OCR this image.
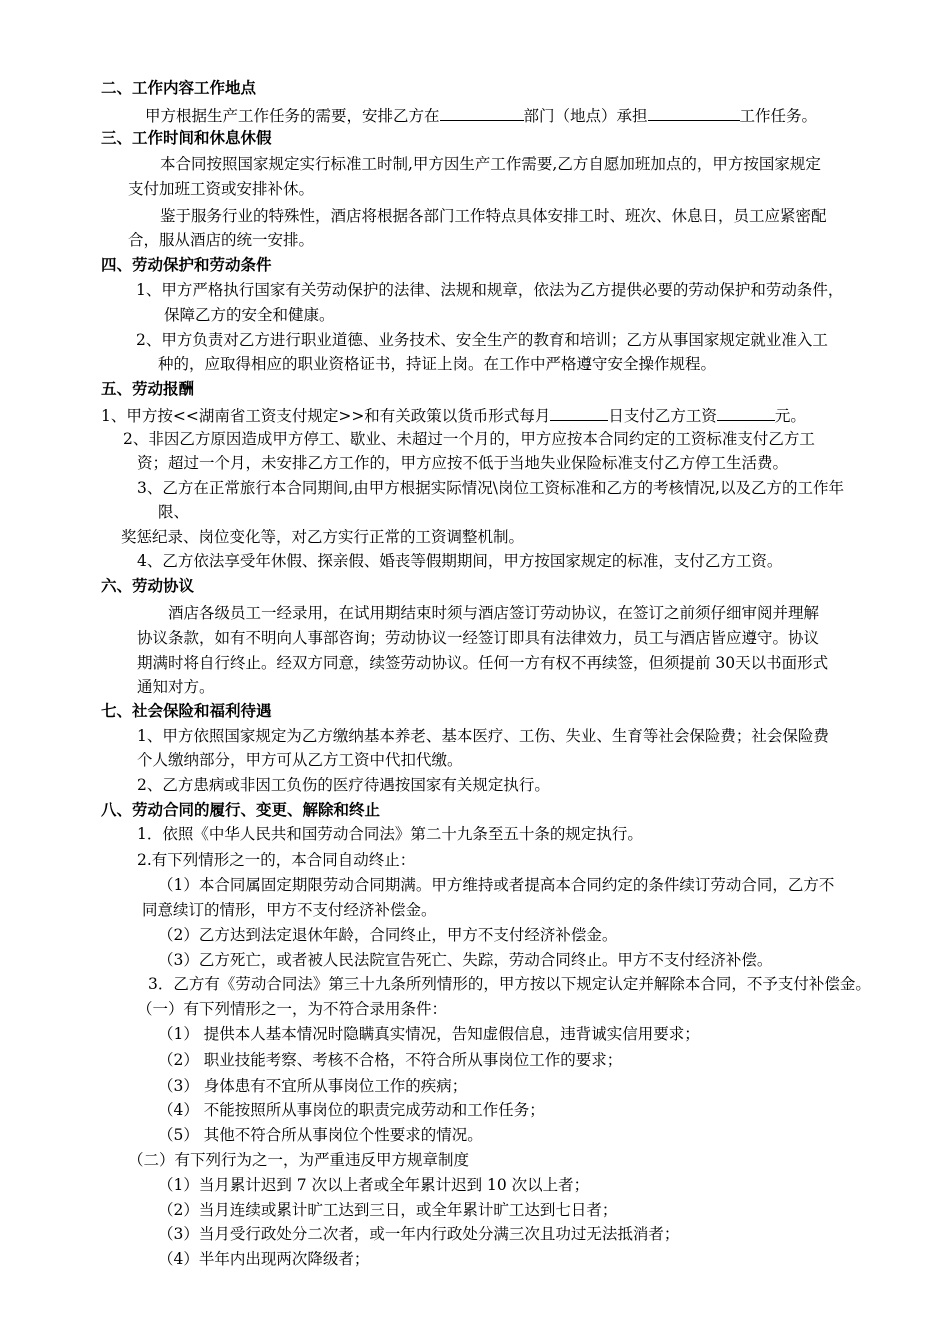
二、工作内容工作地点
甲方根据生产工作任务的需要，安排乙方在	部门（地点）承担	工作任务。
三、工作时间和休息休假
本合同按照国家规定实行标准工时制,甲方因生产工作需要,乙方自愿加班加点的，甲方按国家规定
支付加班工资或安排补休。
鉴于服务行业的特殊性，酒店将根据各部门工作特点具体安排工时、班次、休息日，员工应紧密配
合，服从酒店的统一安排。
四、劳动保护和劳动条件
1、甲方严格执行国家有关劳动保护的法律、法规和规章，依法为乙方提供必要的劳动保护和劳动条件，
保障乙方的安全和健康。
2、甲方负责对乙方进行职业道德、业务技术、安全生产的教育和培训；乙方从事国家规定就业准入工
种的，应取得相应的职业资格证书，持证上岗。在工作中严格遵守安全操作规程。
五、劳动报酬
1、甲方按<<湖南省工资支付规定>>和有关政策以货币形式每月	日支付乙方工资	元。
2、非因乙方原因造成甲方停工、歇业、未超过一个月的，甲方应按本合同约定的工资标准支付乙方工
资；超过一个月，未安排乙方工作的，甲方应按不低于当地失业保险标准支付乙方停工生活费。
3、乙方在正常旅行本合同期间,由甲方根据实际情况\岗位工资标准和乙方的考核情况,以及乙方的工作年
限、
奖惩纪录、岗位变化等，对乙方实行正常的工资调整机制。
4、乙方依法享受年休假、探亲假、婚丧等假期期间，甲方按国家规定的标准，支付乙方工资。
六、劳动协议
酒店各级员工一经录用，在试用期结束时须与酒店签订劳动协议，在签订之前须仔细审阅并理解
协议条款，如有不明向人事部咨询；劳动协议一经签订即具有法律效力，员工与酒店皆应遵守。协议
期满时将自行终止。经双方同意，续签劳动协议。任何一方有权不再续签，但须提前 30天以书面形式
通知对方。
七、社会保险和福利待遇
1、甲方依照国家规定为乙方缴纳基本养老、基本医疗、工伤、失业、生育等社会保险费；社会保险费
个人缴纳部分，甲方可从乙方工资中代扣代缴。
2、乙方患病或非因工负伤的医疗待遇按国家有关规定执行。
八、劳动合同的履行、变更、解除和终止
1．依照《中华人民共和国劳动合同法》第二十九条至五十条的规定执行。
2.有下列情形之一的，本合同自动终止：
（1）本合同属固定期限劳动合同期满。甲方维持或者提高本合同约定的条件续订劳动合同，乙方不
同意续订的情形，甲方不支付经济补偿金。
（2）乙方达到法定退休年龄，合同终止，甲方不支付经济补偿金。
（3）乙方死亡，或者被人民法院宣告死亡、失踪，劳动合同终止。甲方不支付经济补偿。
3．乙方有《劳动合同法》第三十九条所列情形的，甲方按以下规定认定并解除本合同，不予支付补偿金。
（一）有下列情形之一，为不符合录用条件：
（1） 提供本人基本情况时隐瞒真实情况，告知虚假信息，违背诚实信用要求；
（2） 职业技能考察、考核不合格，不符合所从事岗位工作的要求；
（3） 身体患有不宜所从事岗位工作的疾病；
（4） 不能按照所从事岗位的职责完成劳动和工作任务；
（5） 其他不符合所从事岗位个性要求的情况。
（二）有下列行为之一，为严重违反甲方规章制度
（1）当月累计迟到 7 次以上者或全年累计迟到 10 次以上者；
（2）当月连续或累计旷工达到三日，或全年累计旷工达到七日者；
（3）当月受行政处分二次者，或一年内行政处分满三次且功过无法抵消者；
（4）半年内出现两次降级者；
